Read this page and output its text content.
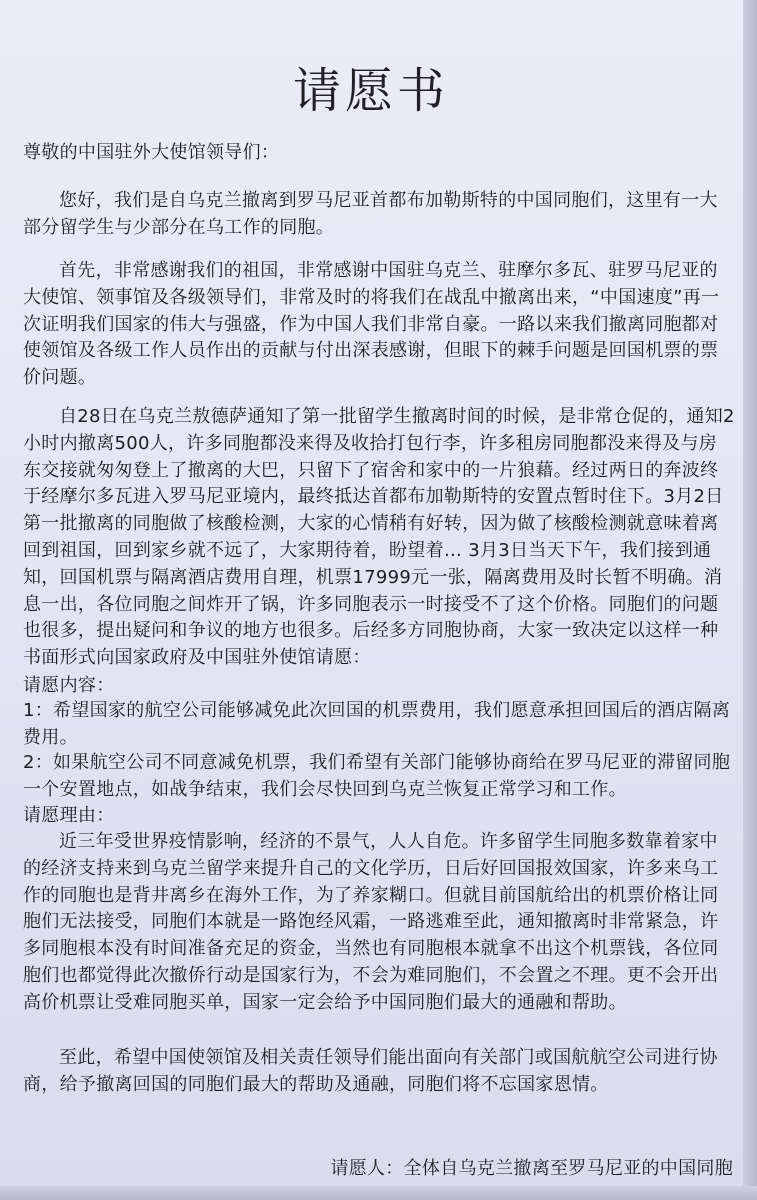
请愿书

尊敬的中国驻外大使馆领导们：

您好，我们是自乌克兰撤离到罗马尼亚首都布加勒斯特的中国同胞们，这里有一大部分留学生与少部分在乌工作的同胞。

首先，非常感谢我们的祖国，非常感谢中国驻乌克兰、驻摩尔多瓦、驻罗马尼亚的大使馆、领事馆及各级领导们，非常及时的将我们在战乱中撤离出来，“中国速度”再一次证明我们国家的伟大与强盛，作为中国人我们非常自豪。一路以来我们撤离同胞都对使领馆及各级工作人员作出的贡献与付出深表感谢，但眼下的棘手问题是回国机票的票价问题。

自28日在乌克兰敖德萨通知了第一批留学生撤离时间的时候，是非常仓促的，通知2小时内撤离500人，许多同胞都没来得及收拾打包行李，许多租房同胞都没来得及与房东交接就匆匆登上了撤离的大巴，只留下了宿舍和家中的一片狼藉。经过两日的奔波终于经摩尔多瓦进入罗马尼亚境内，最终抵达首都布加勒斯特的安置点暂时住下。3月2日第一批撤离的同胞做了核酸检测，大家的心情稍有好转，因为做了核酸检测就意味着离回到祖国，回到家乡就不远了，大家期待着，盼望着… 3月3日当天下午，我们接到通知，回国机票与隔离酒店费用自理，机票17999元一张，隔离费用及时长暂不明确。消息一出，各位同胞之间炸开了锅，许多同胞表示一时接受不了这个价格。同胞们的问题也很多，提出疑问和争议的地方也很多。后经多方同胞协商，大家一致决定以这样一种书面形式向国家政府及中国驻外使馆请愿：

请愿内容：

1：希望国家的航空公司能够减免此次回国的机票费用，我们愿意承担回国后的酒店隔离费用。

2：如果航空公司不同意减免机票，我们希望有关部门能够协商给在罗马尼亚的滞留同胞一个安置地点，如战争结束，我们会尽快回到乌克兰恢复正常学习和工作。

请愿理由：

近三年受世界疫情影响，经济的不景气，人人自危。许多留学生同胞多数靠着家中的经济支持来到乌克兰留学来提升自己的文化学历，日后好回国报效国家，许多来乌工作的同胞也是背井离乡在海外工作，为了养家糊口。但就目前国航给出的机票价格让同胞们无法接受，同胞们本就是一路饱经风霜，一路逃难至此，通知撤离时非常紧急，许多同胞根本没有时间准备充足的资金，当然也有同胞根本就拿不出这个机票钱，各位同胞们也都觉得此次撤侨行动是国家行为，不会为难同胞们，不会置之不理。更不会开出高价机票让受难同胞买单，国家一定会给予中国同胞们最大的通融和帮助。

至此，希望中国使领馆及相关责任领导们能出面向有关部门或国航航空公司进行协商，给予撤离回国的同胞们最大的帮助及通融，同胞们将不忘国家恩情。

请愿人：全体自乌克兰撤离至罗马尼亚的中国同胞
